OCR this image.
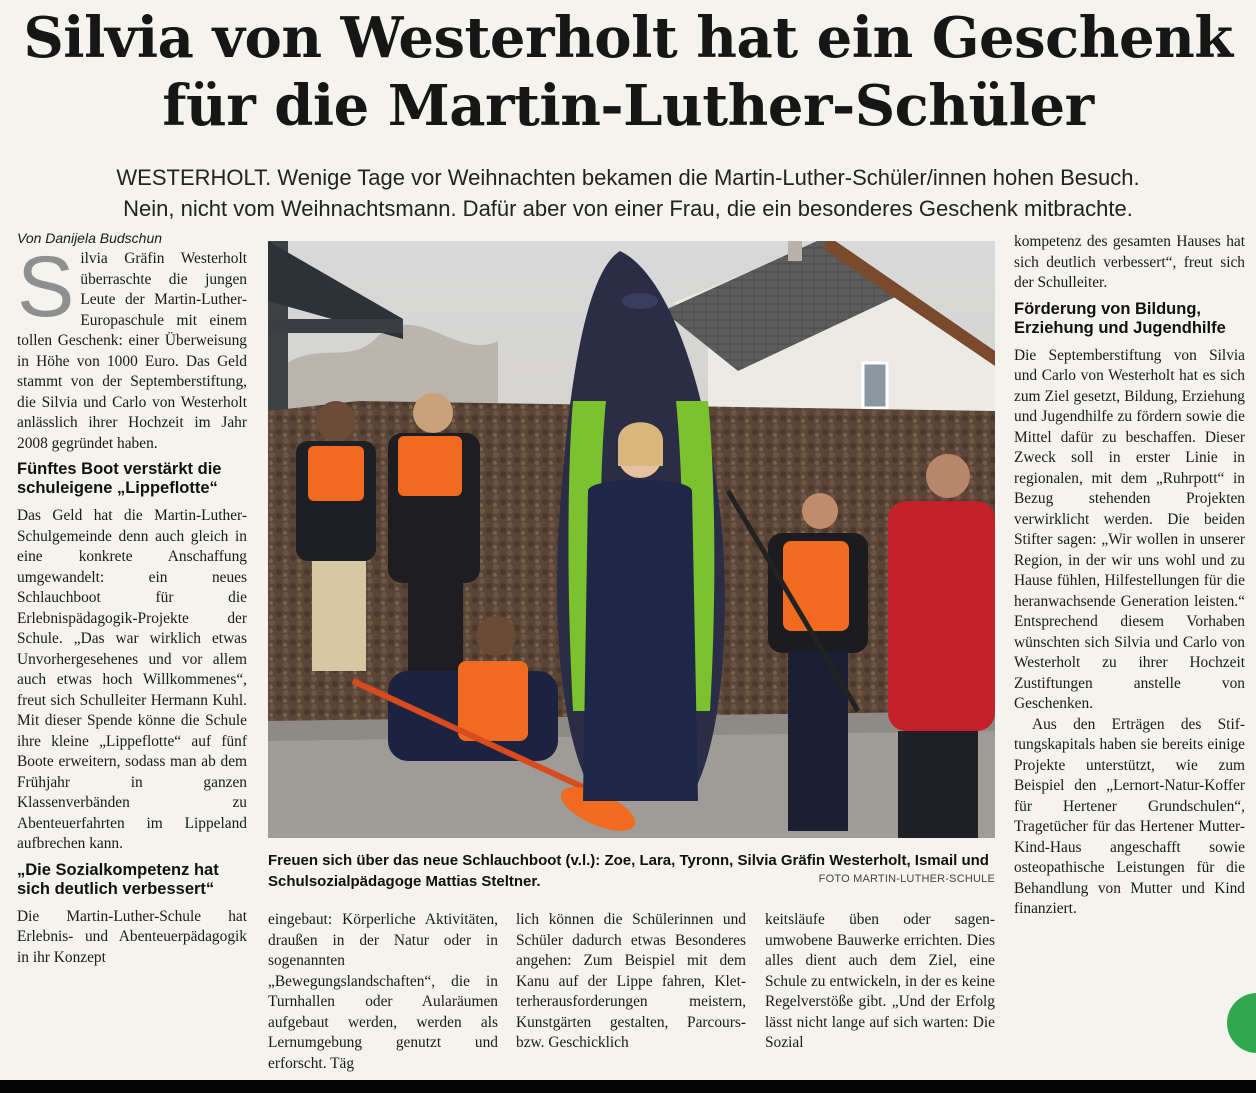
Silvia von Westerholt hat ein Geschenk
für die Martin-Luther-Schüler
WESTERHOLT. Wenige Tage vor Weihnachten bekamen die Martin-Luther-Schüler/innen hohen Besuch.
Nein, nicht vom Weihnachtsmann. Dafür aber von einer Frau, die ein besonderes Geschenk mitbrachte.
Von Danijela Budschun

S ilvia Gräfin Westerholt überraschte die jungen Leute der Martin-Luther-Europaschule mit einem tollen Geschenk: einer Überweisung in Höhe von 1000 Euro. Das Geld stammt von der Septemberstiftung, die Silvia und Carlo von Westerholt anlässlich ihrer Hochzeit im Jahr 2008 gegründet haben.

Fünftes Boot verstärkt die schuleigene „Lippeflotte“

Das Geld hat die Martin-Luther-Schulgemeinde denn auch gleich in eine konkrete Anschaffung umgewandelt: ein neues Schlauchboot für die Erlebnispädagogik-Projekte der Schule. „Das war wirklich etwas Unvorhergesehenes und vor allem auch etwas hoch Willkommenes“, freut sich Schulleiter Hermann Kuhl. Mit dieser Spende könne die Schule ihre kleine „Lippeflotte“ auf fünf Boote erweitern, sodass man ab dem Frühjahr in ganzen Klassenverbänden zu Abenteuerfahrten im Lippeland aufbrechen kann.

„Die Sozialkompetenz hat sich deutlich verbessert“

Die Martin-Luther-Schule hat Erlebnis- und Abenteuerpädagogik in ihr Konzept

Freuen sich über das neue Schlauchboot (v.l.): Zoe, Lara, Tyronn, Silvia Gräfin Westerholt, Ismail und Schulsozialpädagoge Mattias Steltner.	FOTO MARTIN-LUTHER-SCHULE

eingebaut: Körperliche Aktivitäten, draußen in der Natur oder in sogenannten „Bewegungslandschaften“, die in Turnhallen oder Aularäumen aufgebaut werden, werden als Lernumgebung genutzt und erforscht. Täg

lich können die Schülerinnen und Schüler dadurch etwas Besonderes angehen: Zum Beispiel mit dem Kanu auf der Lippe fahren, Kletterherausforderungen meistern, Kunstgärten gestalten, Parcours- bzw. Geschicklich

keitsläufe üben oder sagenumwobene Bauwerke errichten. Dies alles dient auch dem Ziel, eine Schule zu entwickeln, in der es keine Regelverstöße gibt. „Und der Erfolg lässt nicht lange auf sich warten: Die Sozial

kompetenz des gesamten Hauses hat sich deutlich verbessert“, freut sich der Schulleiter.

Förderung von Bildung, Erziehung und Jugendhilfe

Die Septemberstiftung von Silvia und Carlo von Westerholt hat es sich zum Ziel gesetzt, Bildung, Erziehung und Jugendhilfe zu fördern sowie die Mittel dafür zu beschaffen. Dieser Zweck soll in erster Linie in regionalen, mit dem „Ruhrpott“ in Bezug stehenden Projekten verwirklicht werden. Die beiden Stifter sagen: „Wir wollen in unserer Region, in der wir uns wohl und zu Hause fühlen, Hilfestellungen für die heranwachsende Generation leisten.“ Entsprechend diesem Vorhaben wünschten sich Silvia und Carlo von Westerholt zu ihrer Hochzeit Zustiftungen anstelle von Geschenken.

Aus den Erträgen des Stiftungskapitals haben sie bereits einige Projekte unterstützt, wie zum Beispiel den „Lernort-Natur-Koffer für Hertener Grundschulen“, Tragetücher für das Hertener Mutter-Kind-Haus angeschafft sowie osteopathische Leistungen für die Behandlung von Mutter und Kind finanziert.
